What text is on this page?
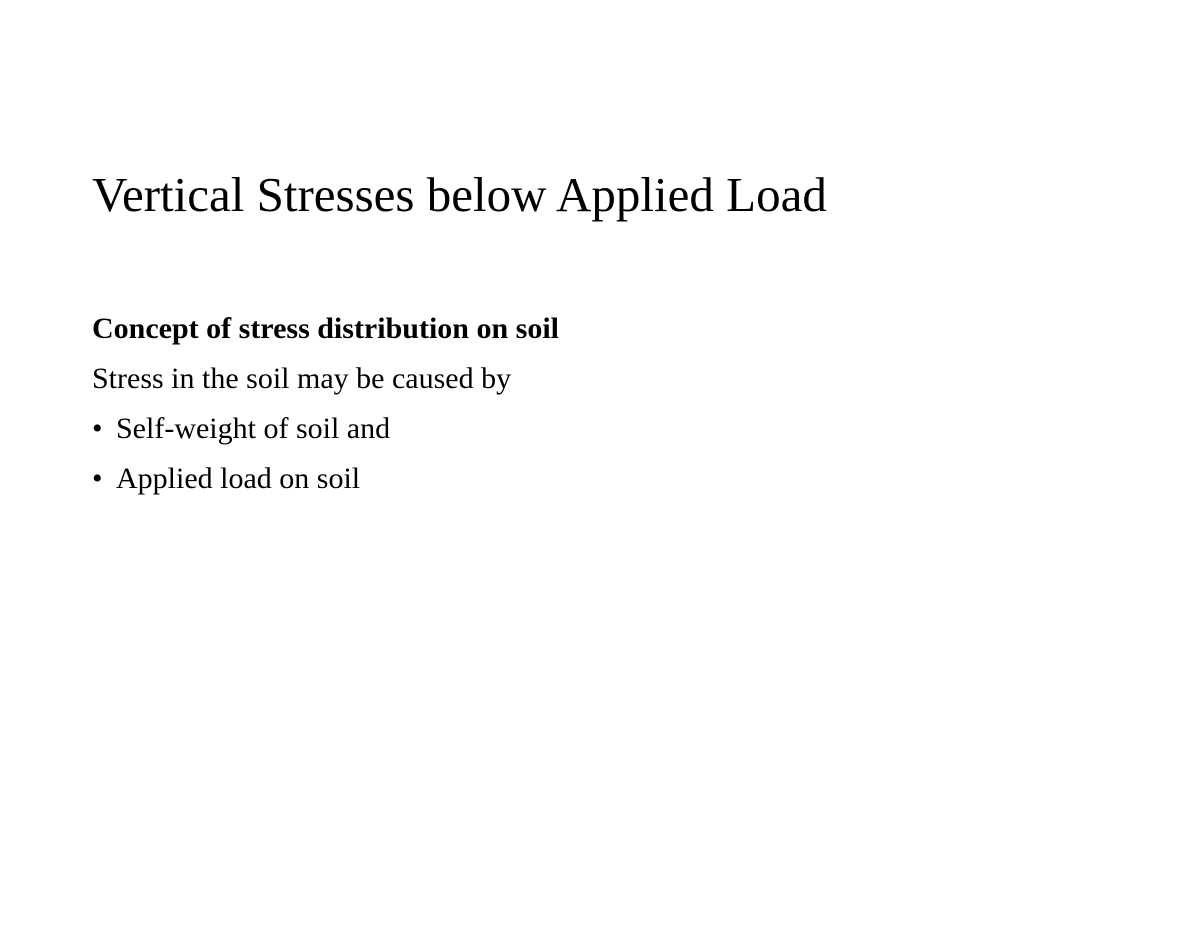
Vertical Stresses below Applied Load

Concept of stress distribution on soil

Stress in the soil may be caused by

• Self-weight of soil and
• Applied load on soil
